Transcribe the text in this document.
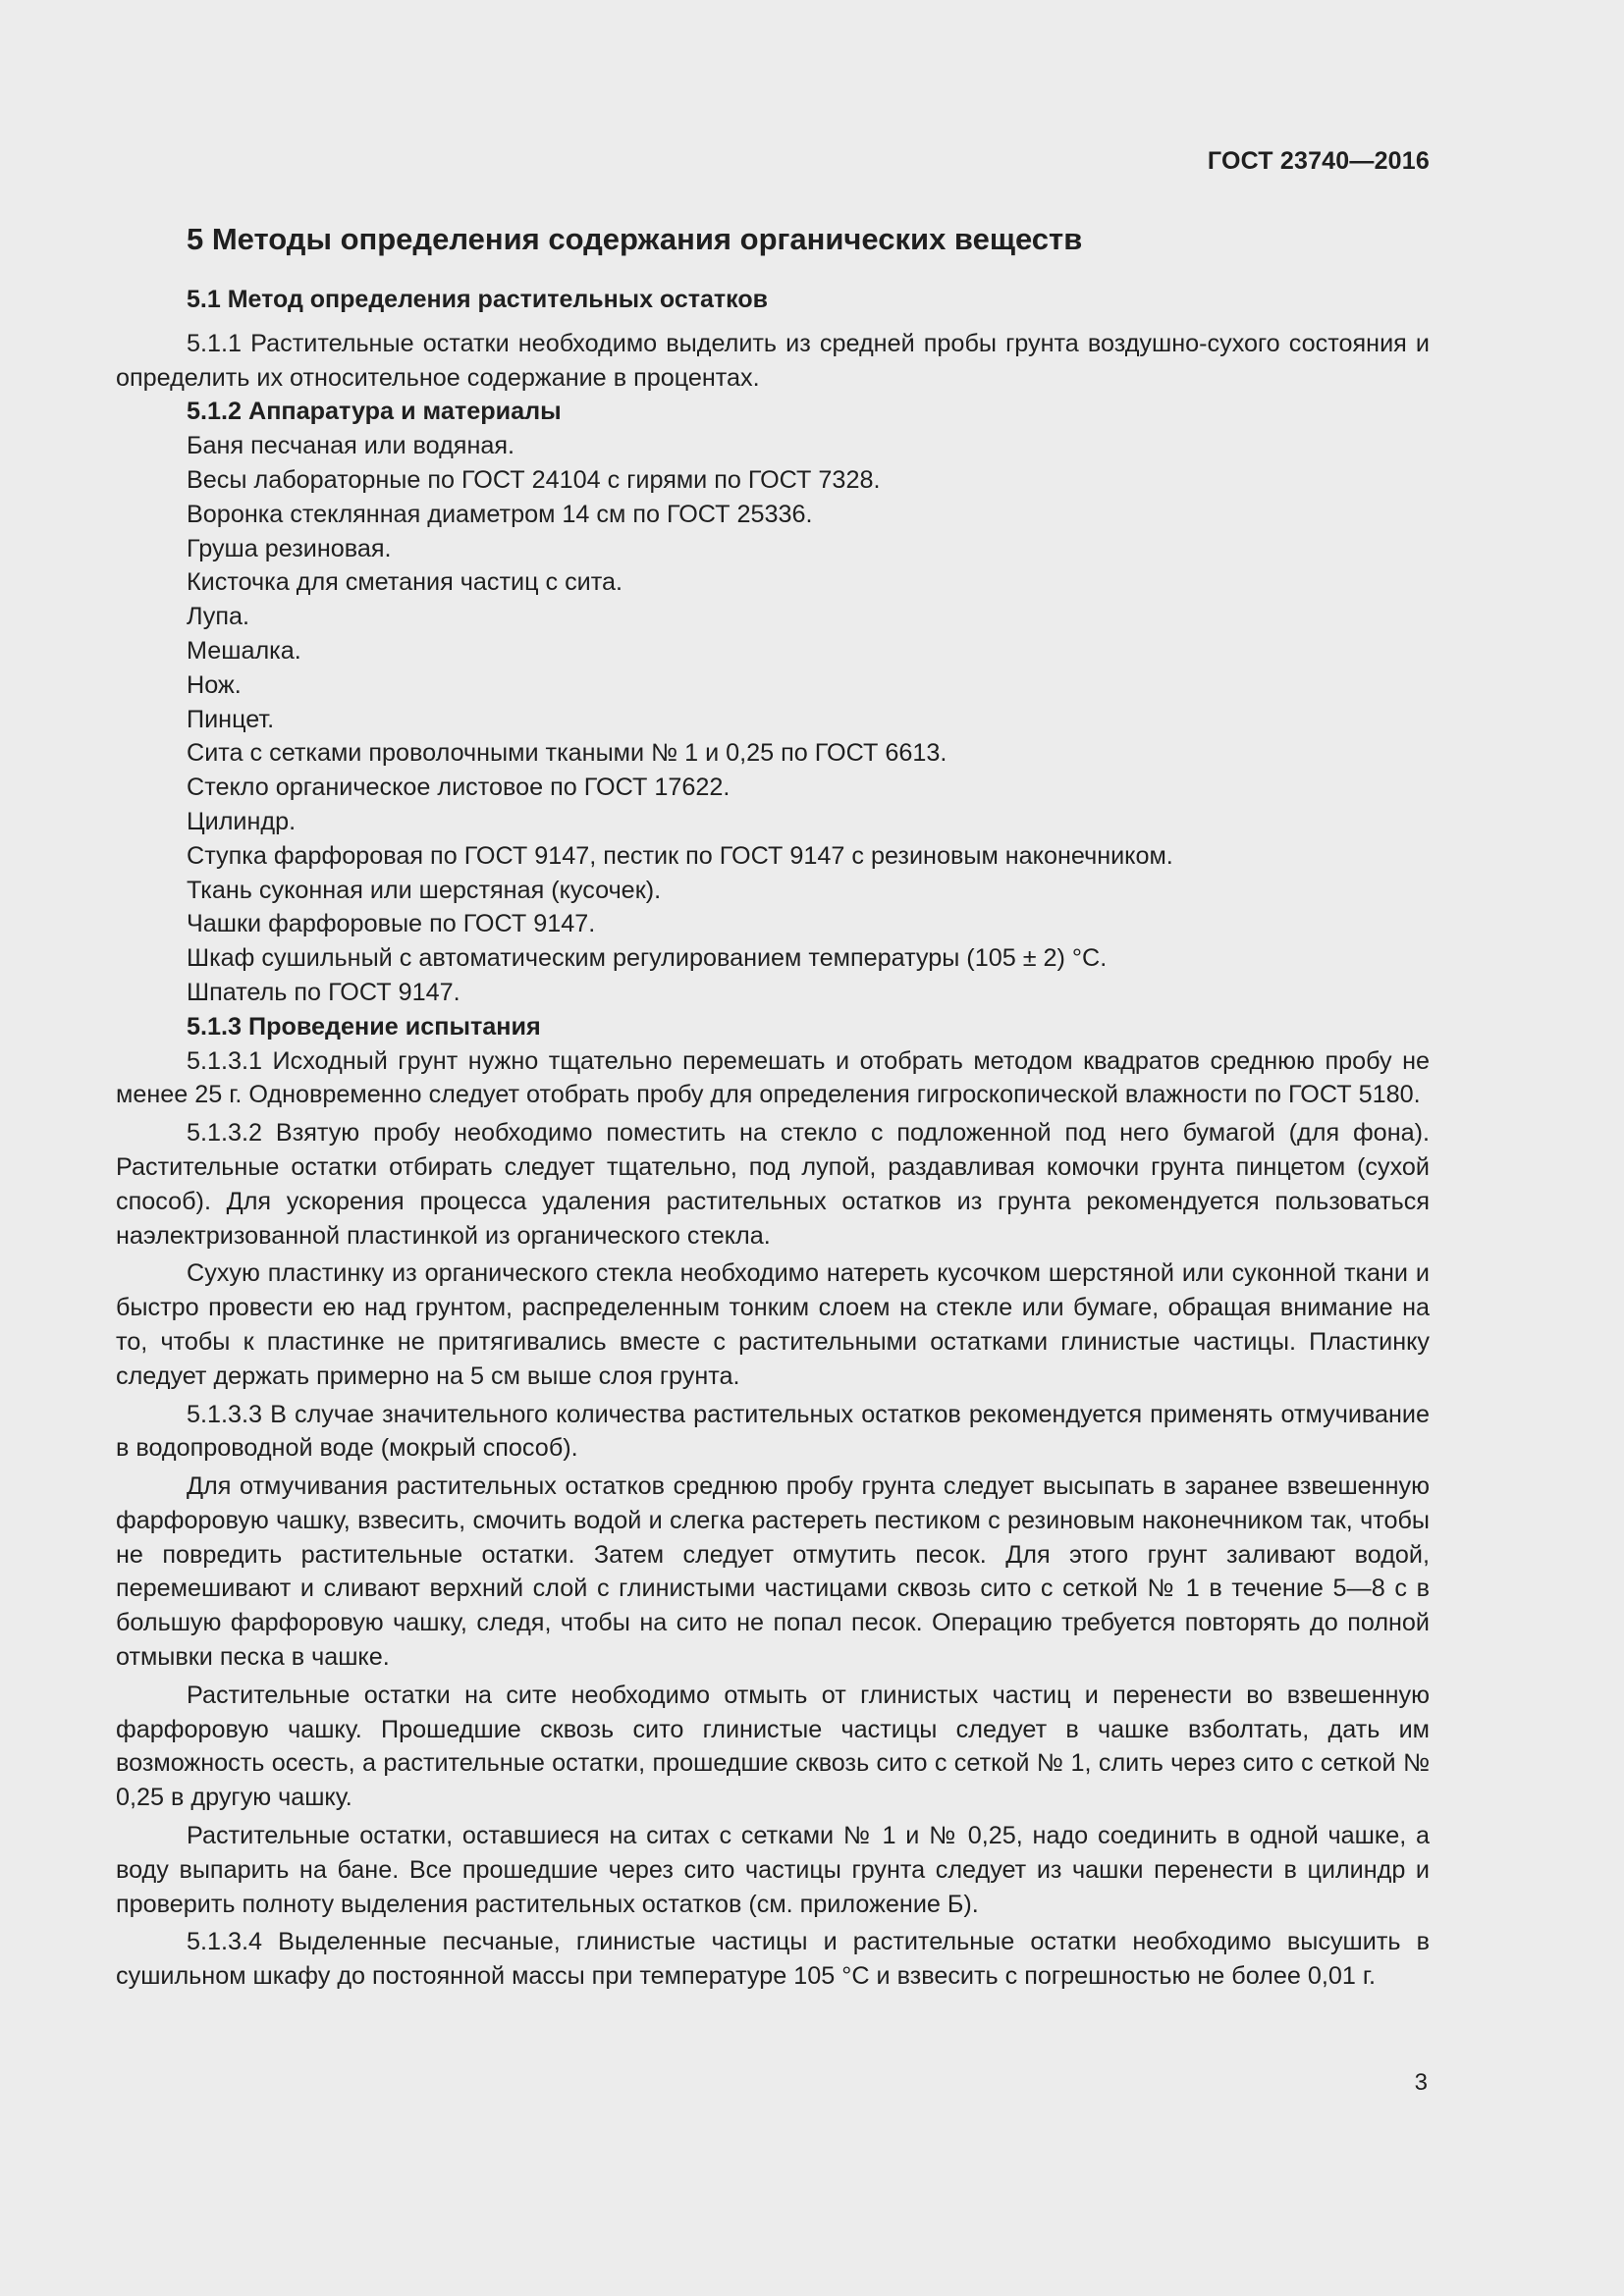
ГОСТ 23740—2016
5 Методы определения содержания органических веществ
5.1 Метод определения растительных остатков

5.1.1 Растительные остатки необходимо выделить из средней пробы грунта воздушно-сухого состояния и определить их относительное содержание в процентах.

5.1.2 Аппаратура и материалы
Баня песчаная или водяная.
Весы лабораторные по ГОСТ 24104 с гирями по ГОСТ 7328.
Воронка стеклянная диаметром 14 см по ГОСТ 25336.
Груша резиновая.
Кисточка для сметания частиц с сита.
Лупа.
Мешалка.
Нож.
Пинцет.
Сита с сетками проволочными ткаными № 1 и 0,25 по ГОСТ 6613.
Стекло органическое листовое по ГОСТ 17622.
Цилиндр.
Ступка фарфоровая по ГОСТ 9147, пестик по ГОСТ 9147 с резиновым наконечником.
Ткань суконная или шерстяная (кусочек).
Чашки фарфоровые по ГОСТ 9147.
Шкаф сушильный с автоматическим регулированием температуры (105 ± 2) °С.
Шпатель по ГОСТ 9147.
5.1.3 Проведение испытания

5.1.3.1 Исходный грунт нужно тщательно перемешать и отобрать методом квадратов среднюю пробу не менее 25 г. Одновременно следует отобрать пробу для определения гигроскопической влажности по ГОСТ 5180.

5.1.3.2 Взятую пробу необходимо поместить на стекло с подложенной под него бумагой (для фона). Растительные остатки отбирать следует тщательно, под лупой, раздавливая комочки грунта пинцетом (сухой способ). Для ускорения процесса удаления растительных остатков из грунта рекомендуется пользоваться наэлектризованной пластинкой из органического стекла.

Сухую пластинку из органического стекла необходимо натереть кусочком шерстяной или суконной ткани и быстро провести ею над грунтом, распределенным тонким слоем на стекле или бумаге, обращая внимание на то, чтобы к пластинке не притягивались вместе с растительными остатками глинистые частицы. Пластинку следует держать примерно на 5 см выше слоя грунта.

5.1.3.3 В случае значительного количества растительных остатков рекомендуется применять отмучивание в водопроводной воде (мокрый способ).

Для отмучивания растительных остатков среднюю пробу грунта следует высыпать в заранее взвешенную фарфоровую чашку, взвесить, смочить водой и слегка растереть пестиком с резиновым наконечником так, чтобы не повредить растительные остатки. Затем следует отмутить песок. Для этого грунт заливают водой, перемешивают и сливают верхний слой с глинистыми частицами сквозь сито с сеткой № 1 в течение 5—8 с в большую фарфоровую чашку, следя, чтобы на сито не попал песок. Операцию требуется повторять до полной отмывки песка в чашке.

Растительные остатки на сите необходимо отмыть от глинистых частиц и перенести во взвешенную фарфоровую чашку. Прошедшие сквозь сито глинистые частицы следует в чашке взболтать, дать им возможность осесть, а растительные остатки, прошедшие сквозь сито с сеткой № 1, слить через сито с сеткой № 0,25 в другую чашку.

Растительные остатки, оставшиеся на ситах с сетками № 1 и № 0,25, надо соединить в одной чашке, а воду выпарить на бане. Все прошедшие через сито частицы грунта следует из чашки перенести в цилиндр и проверить полноту выделения растительных остатков (см. приложение Б).

5.1.3.4 Выделенные песчаные, глинистые частицы и растительные остатки необходимо высушить в сушильном шкафу до постоянной массы при температуре 105 °С и взвесить с погрешностью не более 0,01 г.

3
